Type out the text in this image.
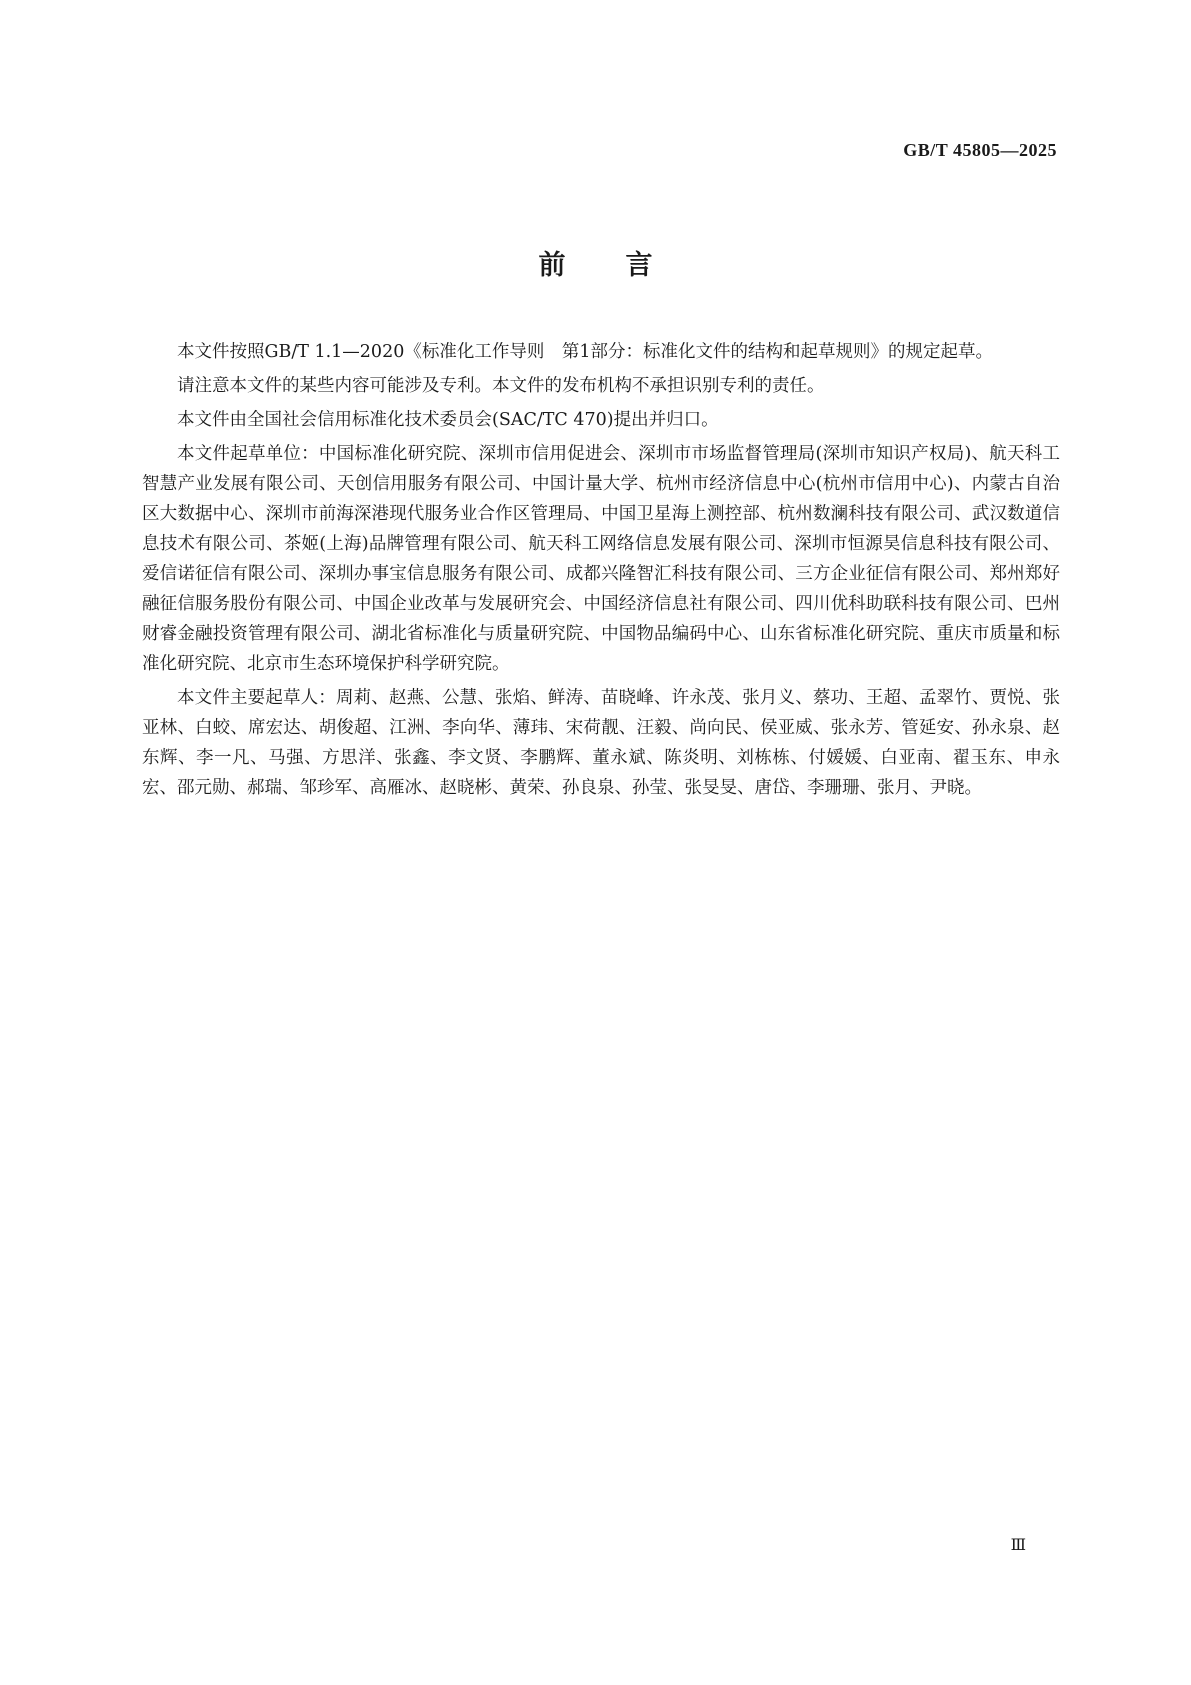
GB/T 45805—2025
前言

本文件按照GB/T 1.1—2020《标准化工作导则　第1部分：标准化文件的结构和起草规则》的规定起草。

请注意本文件的某些内容可能涉及专利。本文件的发布机构不承担识别专利的责任。

本文件由全国社会信用标准化技术委员会(SAC/TC 470)提出并归口。

本文件起草单位：中国标准化研究院、深圳市信用促进会、深圳市市场监督管理局(深圳市知识产权局)、航天科工智慧产业发展有限公司、天创信用服务有限公司、中国计量大学、杭州市经济信息中心(杭州市信用中心)、内蒙古自治区大数据中心、深圳市前海深港现代服务业合作区管理局、中国卫星海上测控部、杭州数澜科技有限公司、武汉数道信息技术有限公司、茶姬(上海)品牌管理有限公司、航天科工网络信息发展有限公司、深圳市恒源昊信息科技有限公司、爱信诺征信有限公司、深圳办事宝信息服务有限公司、成都兴隆智汇科技有限公司、三方企业征信有限公司、郑州郑好融征信服务股份有限公司、中国企业改革与发展研究会、中国经济信息社有限公司、四川优科助联科技有限公司、巴州财睿金融投资管理有限公司、湖北省标准化与质量研究院、中国物品编码中心、山东省标准化研究院、重庆市质量和标准化研究院、北京市生态环境保护科学研究院。

本文件主要起草人：周莉、赵燕、公慧、张焰、鲜涛、苗晓峰、许永茂、张月义、蔡功、王超、孟翠竹、贾悦、张亚林、白蛟、席宏达、胡俊超、江洲、李向华、薄玮、宋荷靓、汪毅、尚向民、侯亚威、张永芳、管延安、孙永泉、赵东辉、李一凡、马强、方思洋、张鑫、李文贤、李鹏辉、董永斌、陈炎明、刘栋栋、付媛媛、白亚南、翟玉东、申永宏、邵元勋、郝瑞、邹珍军、高雁冰、赵晓彬、黄荣、孙良泉、孙莹、张旻旻、唐岱、李珊珊、张月、尹晓。

Ⅲ
